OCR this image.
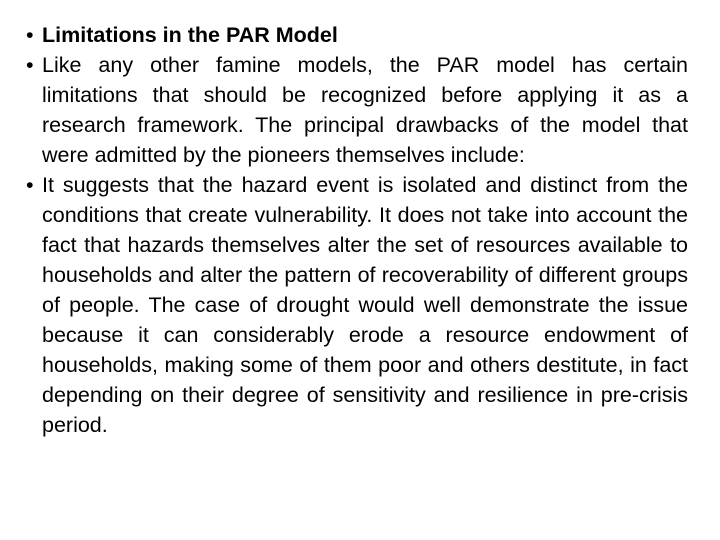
• Limitations in the PAR Model
• Like any other famine models, the PAR model has certain limitations that should be recognized before applying it as a research framework. The principal drawbacks of the model that were admitted by the pioneers themselves include:
• It suggests that the hazard event is isolated and distinct from the conditions that create vulnerability. It does not take into account the fact that hazards themselves alter the set of resources available to households and alter the pattern of recoverability of different groups of people. The case of drought would well demonstrate the issue because it can considerably erode a resource endowment of households, making some of them poor and others destitute, in fact depending on their degree of sensitivity and resilience in pre-crisis period.
